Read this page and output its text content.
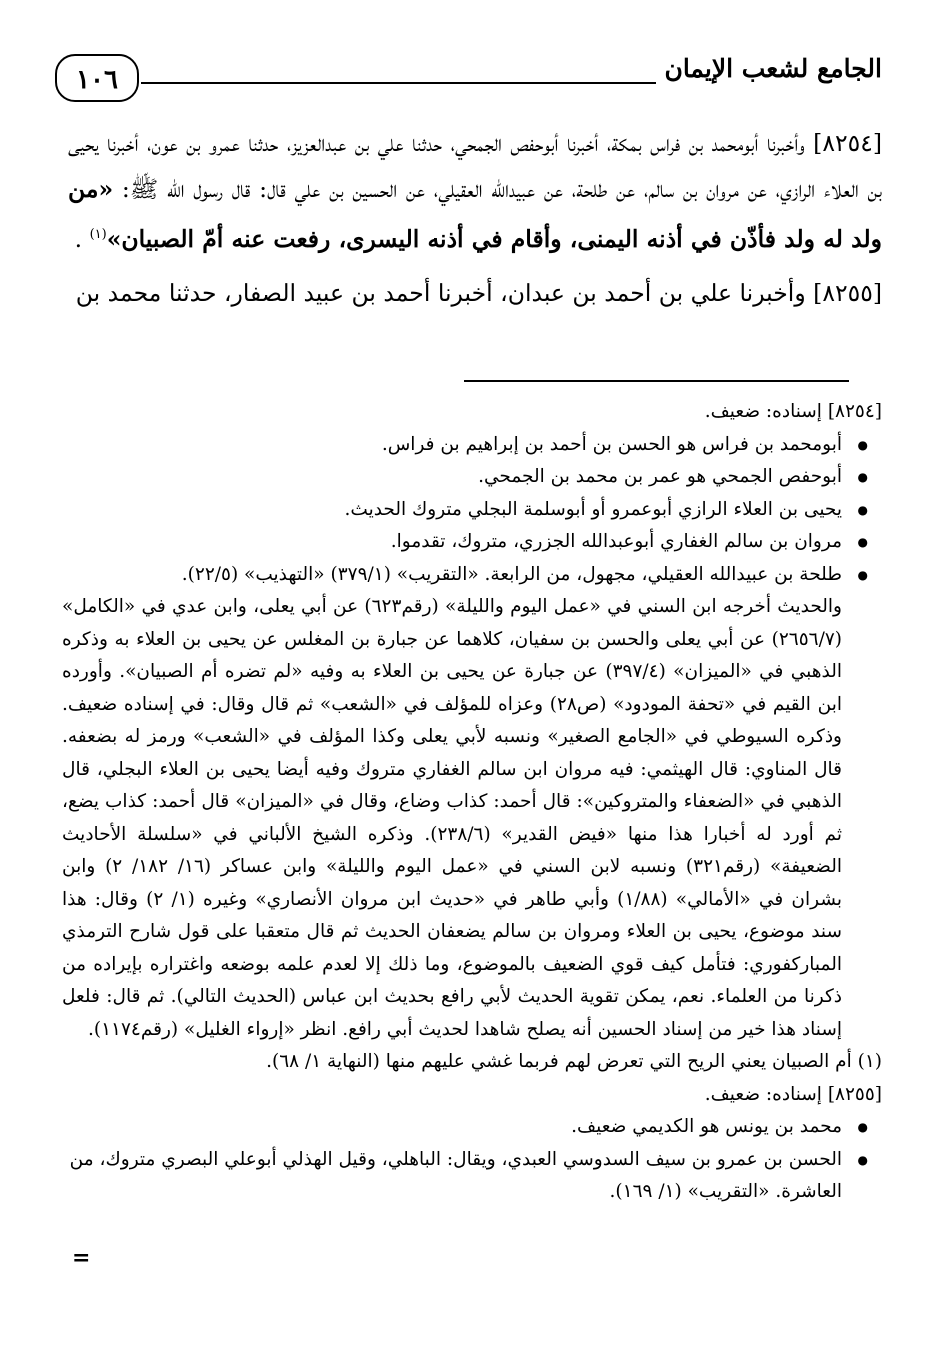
الجامع لشعب الإيمان
١٠٦

[٨٢٥٤] وأخبرنا أبومحمد بن فراس بمكة، أخبرنا أبوحفص الجمحي، حدثنا علي بن عبدالعزيز، حدثنا عمرو بن عون، أخبرنا يحيى بن العلاء الرازي، عن مروان بن سالم، عن طلحة، عن عبيدالله العقيلي، عن الحسين بن علي قال: قال رسول الله ﷺ: «من ولد له ولد فأذّن في أذنه اليمنى، وأقام في أذنه اليسرى، رفعت عنه أمّ الصبيان»$^{(١)}$ .

[٨٢٥٥] وأخبرنا علي بن أحمد بن عبدان، أخبرنا أحمد بن عبيد الصفار، حدثنا محمد بن

[٨٢٥٤] إسناده: ضعيف.

● أبومحمد بن فراس هو الحسن بن أحمد بن إبراهيم بن فراس.
● أبوحفص الجمحي هو عمر بن محمد بن الجمحي.
● يحيى بن العلاء الرازي أبوعمرو أو أبوسلمة البجلي متروك الحديث.
● مروان بن سالم الغفاري أبوعبدالله الجزري، متروك، تقدموا.
● طلحة بن عبيدالله العقيلي، مجهول، من الرابعة. «التقريب» (٣٧٩/١) «التهذيب» (٢٢/٥).

والحديث أخرجه ابن السني في «عمل اليوم والليلة» (رقم٦٢٣) عن أبي يعلى، وابن عدي في «الكامل» (٢٦٥٦/٧) عن أبي يعلى والحسن بن سفيان، كلاهما عن جبارة بن المغلس عن يحيى بن العلاء به وذكره الذهبي في «الميزان» (٣٩٧/٤) عن جبارة عن يحيى بن العلاء به وفيه «لم تضره أم الصبيان». وأورده ابن القيم في «تحفة المودود» (ص٢٨) وعزاه للمؤلف في «الشعب» ثم قال وقال: في إسناده ضعيف. وذكره السيوطي في «الجامع الصغير» ونسبه لأبي يعلى وكذا المؤلف في «الشعب» ورمز له بضعفه. قال المناوي: قال الهيثمي: فيه مروان ابن سالم الغفاري متروك وفيه أيضا يحيى بن العلاء البجلي، قال الذهبي في «الضعفاء والمتروكين»: قال أحمد: كذاب وضاع، وقال في «الميزان» قال أحمد: كذاب يضع، ثم أورد له أخبارا هذا منها «فيض القدير» (٢٣٨/٦). وذكره الشيخ الألباني في «سلسلة الأحاديث الضعيفة» (رقم٣٢١) ونسبه لابن السني في «عمل اليوم والليلة» وابن عساكر (١٦/ ١٨٢/ ٢) وابن بشران في «الأمالي» (١/٨٨) وأبي طاهر في «حديث ابن مروان الأنصاري» وغيره (١/ ٢) وقال: هذا سند موضوع، يحيى بن العلاء ومروان بن سالم يضعفان الحديث ثم قال متعقبا على قول شارح الترمذي المباركفوري: فتأمل كيف قوي الضعيف بالموضوع، وما ذلك إلا لعدم علمه بوضعه واغتراره بإيراده من ذكرنا من العلماء. نعم، يمكن تقوية الحديث لأبي رافع بحديث ابن عباس (الحديث التالي). ثم قال: فلعل إسناد هذا خير من إسناد الحسين أنه يصلح شاهدا لحديث أبي رافع. انظر «إرواء الغليل» (رقم١١٧٤).

(١) أم الصبيان يعني الريح التي تعرض لهم فربما غشي عليهم منها (النهاية ١/ ٦٨).

[٨٢٥٥] إسناده: ضعيف.

● محمد بن يونس هو الكديمي ضعيف.
● الحسن بن عمرو بن سيف السدوسي العبدي، ويقال: الباهلي، وقيل الهذلي أبوعلي البصري متروك، من العاشرة. «التقريب» (١/ ١٦٩).
=
